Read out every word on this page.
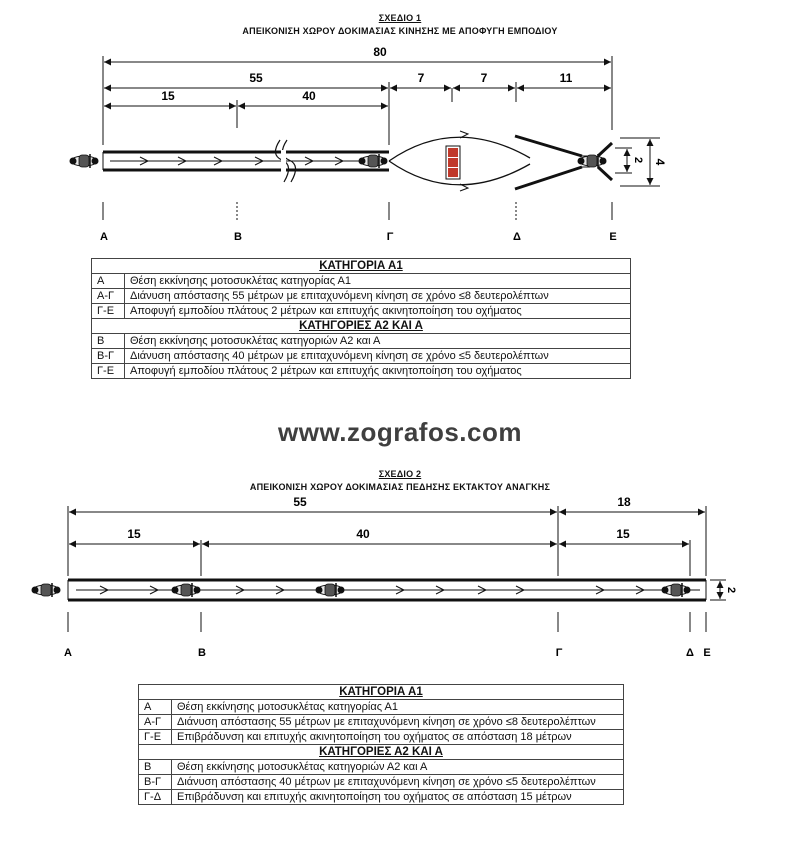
ΣΧΕΔΙΟ 1
ΑΠΕΙΚΟΝΙΣΗ ΧΩΡΟΥ ΔΟΚΙΜΑΣΙΑΣ ΚΙΝΗΣΗΣ ΜΕ ΑΠΟΦΥΓΗ ΕΜΠΟΔΙΟΥ
80
55	7	7	11
15	40
2 4
Α	Β	Γ	Δ	Ε
55	18
15	40	15
2
Α	Β	Γ	Δ Ε
ΚΑΤΗΓΟΡΙΑ Α1	
Α	Θέση εκκίνησης μοτοσυκλέτας κατηγορίας Α1
Α-Γ	Διάνυση απόστασης 55 μέτρων με επιταχυνόμενη κίνηση σε χρόνο ≤8 δευτερολέπτων
Γ-Ε	Αποφυγή εμποδίου πλάτους 2 μέτρων και επιτυχής ακινητοποίηση του οχήματος
ΚΑΤΗΓΟΡΙΕΣ Α2 ΚΑΙ Α	
Β	Θέση εκκίνησης μοτοσυκλέτας κατηγοριών Α2 και Α
Β-Γ	Διάνυση απόστασης 40 μέτρων με επιταχυνόμενη κίνηση σε χρόνο ≤5 δευτερολέπτων
Γ-Ε	Αποφυγή εμποδίου πλάτους 2 μέτρων και επιτυχής ακινητοποίηση του οχήματος
www.zografos.com
ΣΧΕΔΙΟ 2
ΑΠΕΙΚΟΝΙΣΗ ΧΩΡΟΥ ΔΟΚΙΜΑΣΙΑΣ ΠΕΔΗΣΗΣ ΕΚΤΑΚΤΟΥ ΑΝΑΓΚΗΣ
ΚΑΤΗΓΟΡΙΑ Α1	
Α	Θέση εκκίνησης μοτοσυκλέτας κατηγορίας Α1
Α-Γ	Διάνυση απόστασης 55 μέτρων με επιταχυνόμενη κίνηση σε χρόνο ≤8 δευτερολέπτων
Γ-Ε	Επιβράδυνση και επιτυχής ακινητοποίηση του οχήματος σε απόσταση 18 μέτρων
ΚΑΤΗΓΟΡΙΕΣ Α2 ΚΑΙ Α	
Β	Θέση εκκίνησης μοτοσυκλέτας κατηγοριών Α2 και Α
Β-Γ	Διάνυση απόστασης 40 μέτρων με επιταχυνόμενη κίνηση σε χρόνο ≤5 δευτερολέπτων
Γ-Δ	Επιβράδυνση και επιτυχής ακινητοποίηση του οχήματος σε απόσταση 15 μέτρων
